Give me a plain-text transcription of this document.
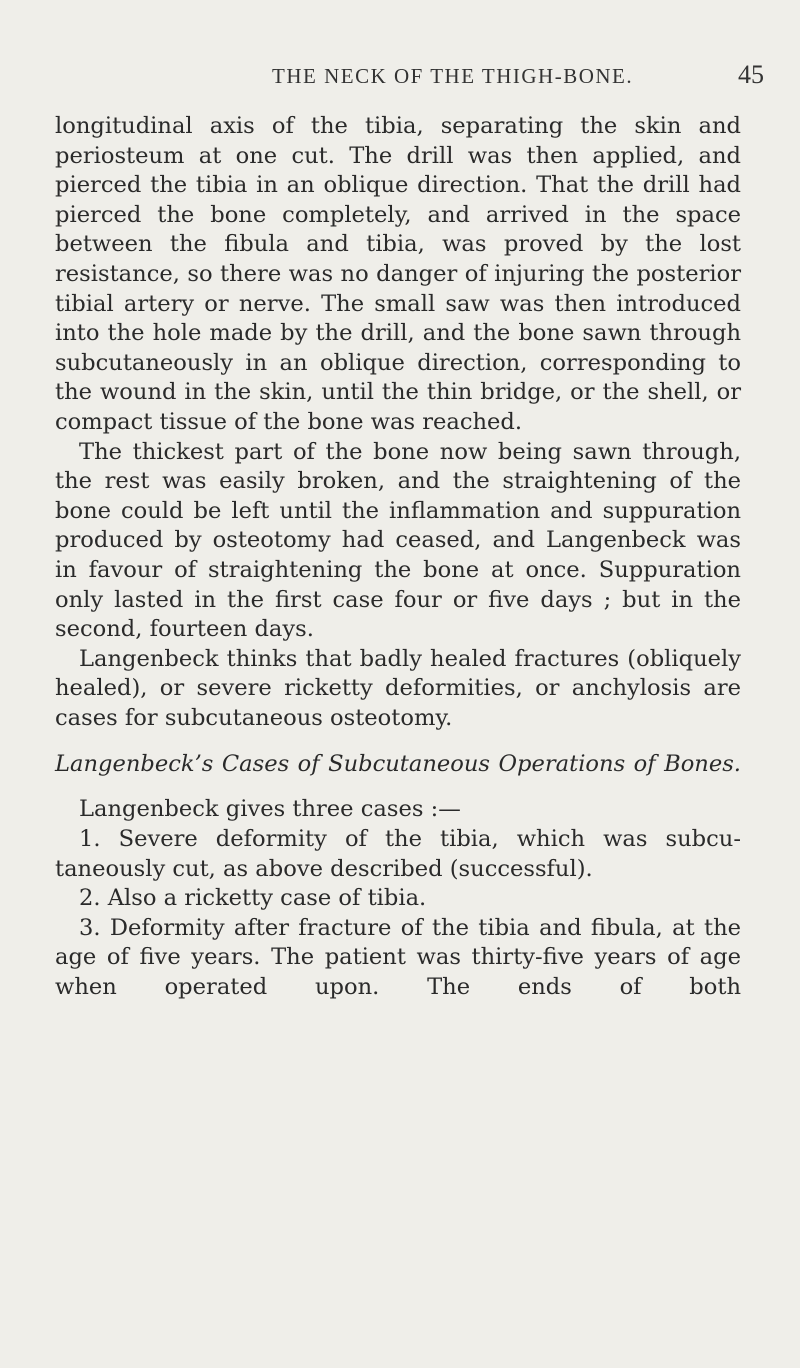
THE NECK OF THE THIGH-BONE.	45

longitudinal axis of the tibia, separating the skin and periosteum at one cut. The drill was then applied, and pierced the tibia in an oblique direction. That the drill had pierced the bone completely, and arrived in the space between the fibula and tibia, was proved by the lost resistance, so there was no danger of injuring the posterior tibial artery or nerve. The small saw was then introduced into the hole made by the drill, and the bone sawn through subcutaneously in an oblique direction, corresponding to the wound in the skin, until the thin bridge, or the shell, or compact tissue of the bone was reached.

The thickest part of the bone now being sawn through, the rest was easily broken, and the straightening of the bone could be left until the inflammation and suppuration produced by osteotomy had ceased, and Langenbeck was in favour of straightening the bone at once. Suppuration only lasted in the first case four or five days ; but in the second, fourteen days.

Langenbeck thinks that badly healed fractures (obliquely healed), or severe ricketty deformities, or anchylosis are cases for subcutaneous osteotomy.

Langenbeck’s Cases of Subcutaneous Operations of Bones.

Langenbeck gives three cases :—

1. Severe deformity of the tibia, which was subcu- taneously cut, as above described (successful).

2. Also a ricketty case of tibia.

3. Deformity after fracture of the tibia and fibula, at the age of five years. The patient was thirty-five years of age when operated upon. The ends of both
